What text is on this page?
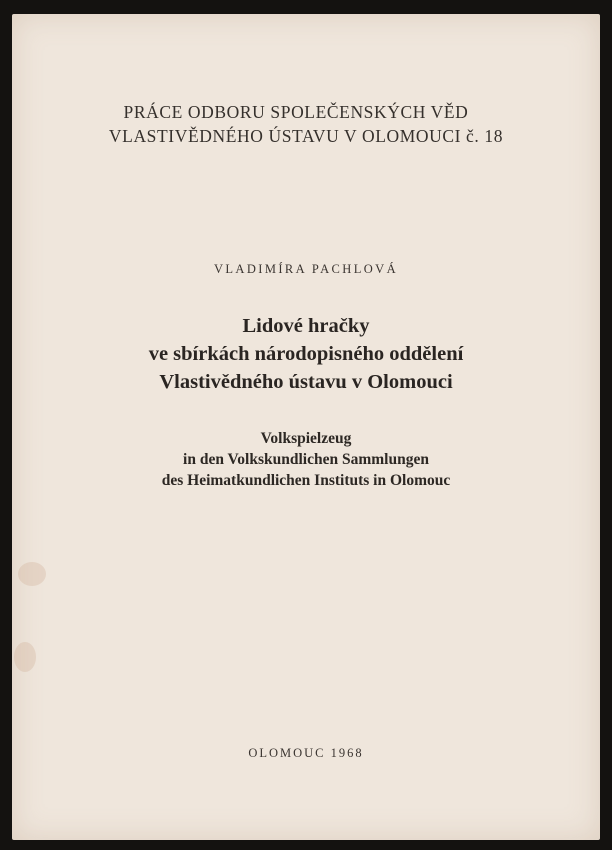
PRÁCE ODBORU SPOLEČENSKÝCH VĚD
VLASTIVĚDNÉHO ÚSTAVU V OLOMOUCI č. 18
VLADIMÍRA PACHLOVÁ
Lidové hračky
ve sbírkách národopisného oddělení
Vlastivědného ústavu v Olomouci
Volkspielzeug
in den Volkskundlichen Sammlungen
des Heimatkundlichen Instituts in Olomouc
OLOMOUC 1968
